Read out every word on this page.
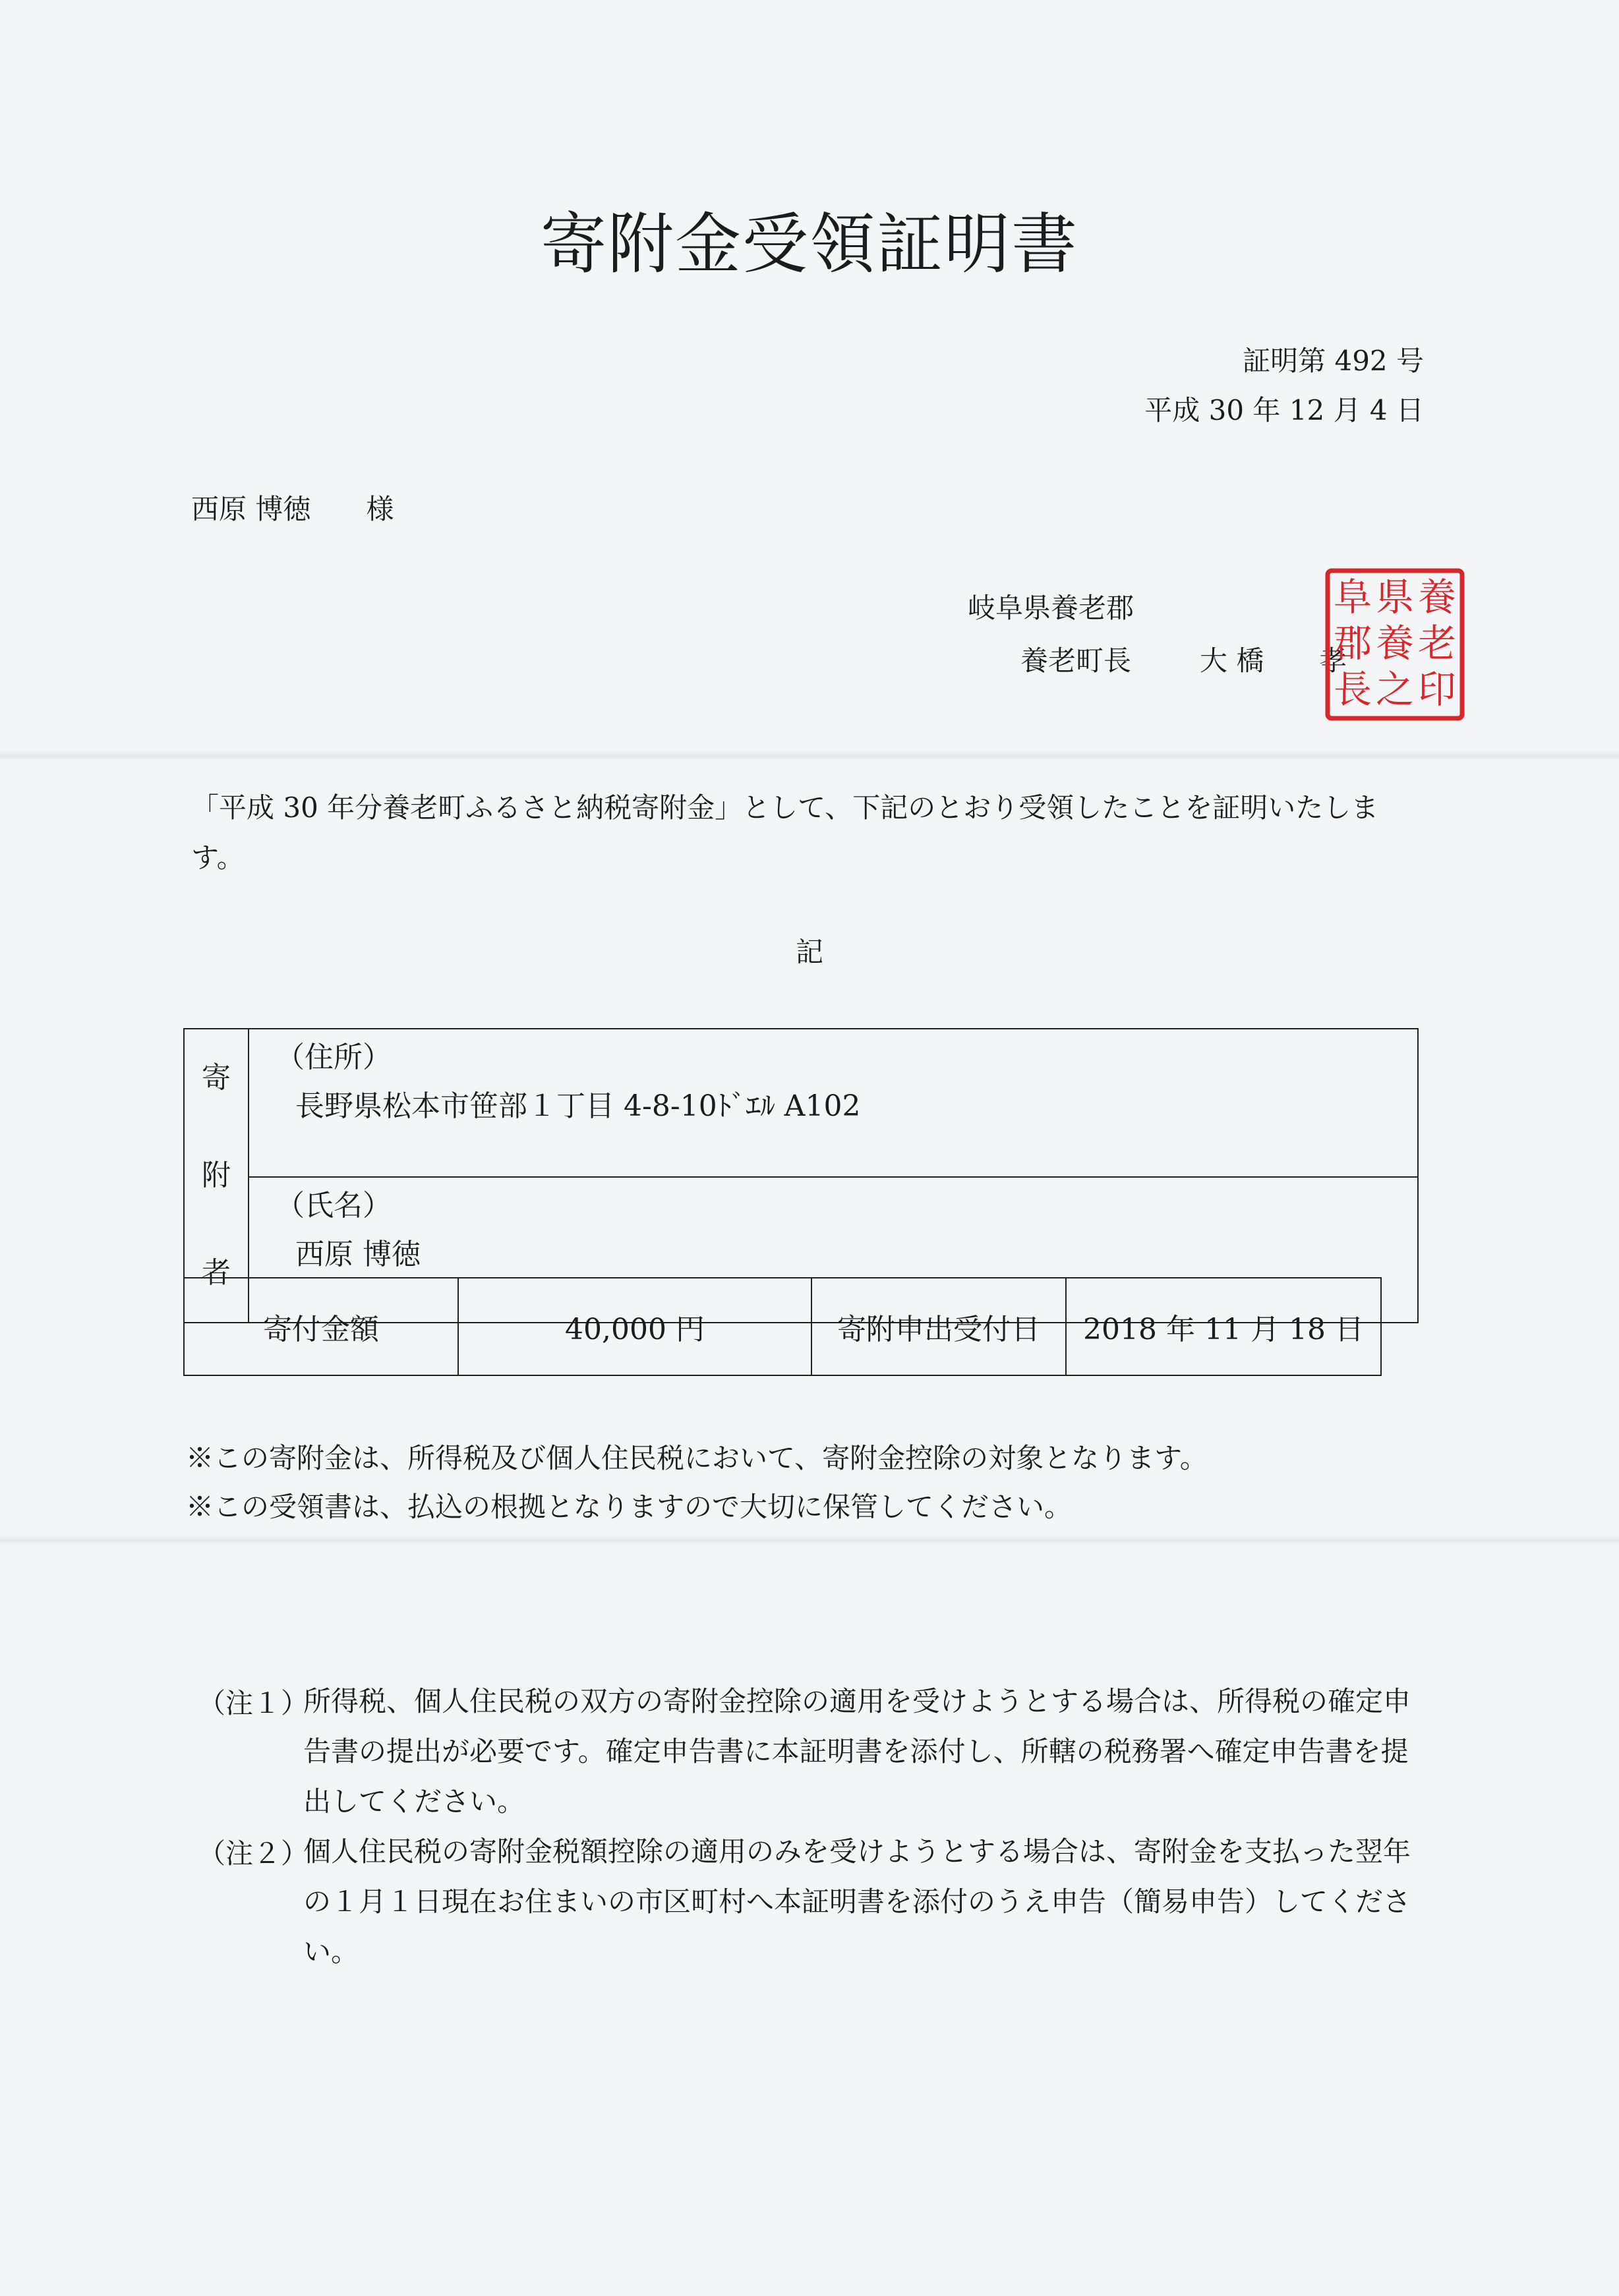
寄附金受領証明書
証明第 492 号
平成 30 年 12 月 4 日
西原 博徳　　様
岐阜県養老郡
養老町長 大 橋　　孝
養
老
印
県
養
之
阜
郡
長
「平成 30 年分養老町ふるさと納税寄附金」として、下記のとおり受領したことを証明いたします。
記
寄
附
者

（住所）
長野県松本市笹部１丁目 4-8-10ﾄﾞｴﾙ A102

（氏名）
西原 博徳
寄付金額	40,000 円	寄附申出受付日	2018 年 11 月 18 日
※この寄附金は、所得税及び個人住民税において、寄附金控除の対象となります。
※この受領書は、払込の根拠となりますので大切に保管してください。
（注１）
所得税、個人住民税の双方の寄附金控除の適用を受けようとする場合は、所得税の確定申告書の提出が必要です。確定申告書に本証明書を添付し、所轄の税務署へ確定申告書を提出してください。
（注２）
個人住民税の寄附金税額控除の適用のみを受けようとする場合は、寄附金を支払った翌年の１月１日現在お住まいの市区町村へ本証明書を添付のうえ申告（簡易申告）してください。
